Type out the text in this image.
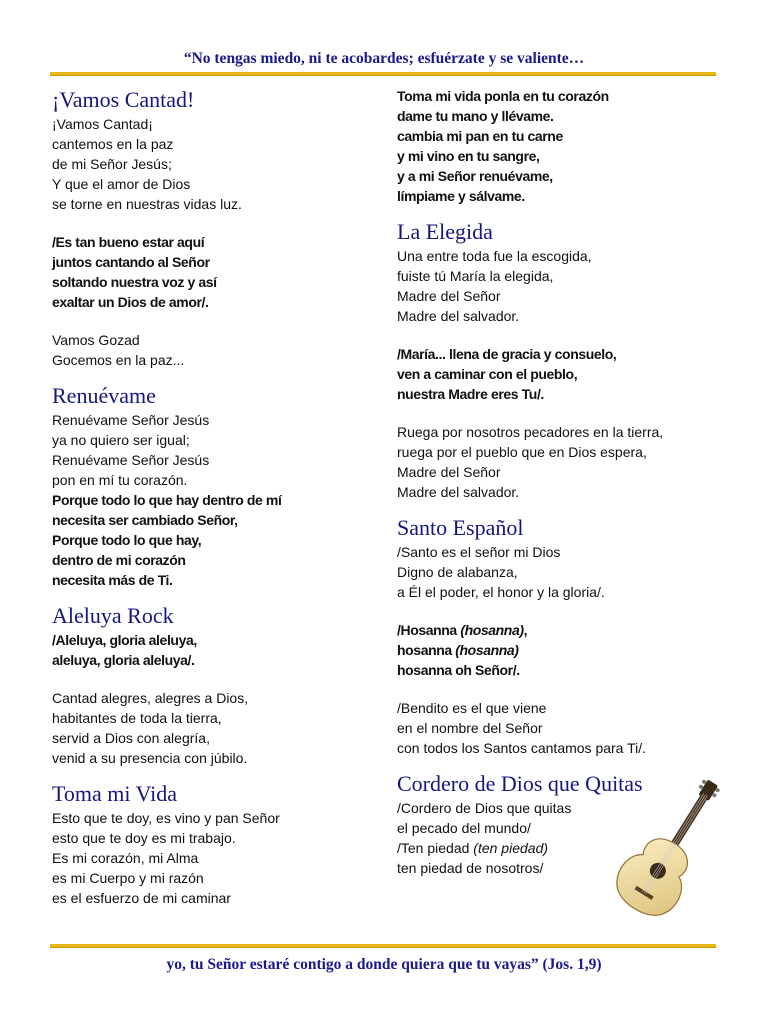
“No tengas miedo, ni te acobardes; esfuérzate y se valiente…
¡Vamos Cantad!
¡Vamos Cantad¡
cantemos en la paz
de mi Señor Jesús;
Y que el amor de Dios
se torne en nuestras vidas luz.
/Es tan bueno estar aquí
juntos cantando al Señor
soltando nuestra voz y así
exaltar un Dios de amor/.
Vamos Gozad
Gocemos en la paz...
Renuévame
Renuévame Señor Jesús
ya no quiero ser igual;
Renuévame Señor Jesús
pon en mí tu corazón.
Porque todo lo que hay dentro de mí
necesita ser cambiado Señor,
Porque todo lo que hay,
dentro de mi corazón
necesita más de Ti.
Aleluya Rock
/Aleluya, gloria aleluya,
aleluya, gloria aleluya/.
Cantad alegres, alegres a Dios,
habitantes de toda la tierra,
servid a Dios con alegría,
venid a su presencia con júbilo.
Toma mi Vida
Esto que te doy, es vino y pan Señor
esto que te doy es mi trabajo.
Es mi corazón, mi Alma
es mi Cuerpo y mi razón
es el esfuerzo de mi caminar
Toma mi vida ponla en tu corazón
dame tu mano y llévame.
cambia mi pan en tu carne
y mi vino en tu sangre,
y a mi Señor renuévame,
límpiame y sálvame.
La Elegida
Una entre toda fue la escogida,
fuiste tú María la elegida,
Madre del Señor
Madre del salvador.
/María... llena de gracia y consuelo,
ven a caminar con el pueblo,
nuestra Madre eres Tu/.
Ruega por nosotros pecadores en la tierra,
ruega por el pueblo que en Dios espera,
Madre del Señor
Madre del salvador.
Santo Español
/Santo es el señor mi Dios
Digno de alabanza,
a Él el poder, el honor y la gloria/.
/Hosanna (hosanna),
hosanna (hosanna)
hosanna oh Señor/.
/Bendito es el que viene
en el nombre del Señor
con todos los Santos cantamos para Ti/.
Cordero de Dios que Quitas
/Cordero de Dios que quitas
el pecado del mundo/
/Ten piedad (ten piedad)
ten piedad de nosotros/
yo, tu Señor estaré contigo a donde quiera que tu vayas” (Jos. 1,9)
